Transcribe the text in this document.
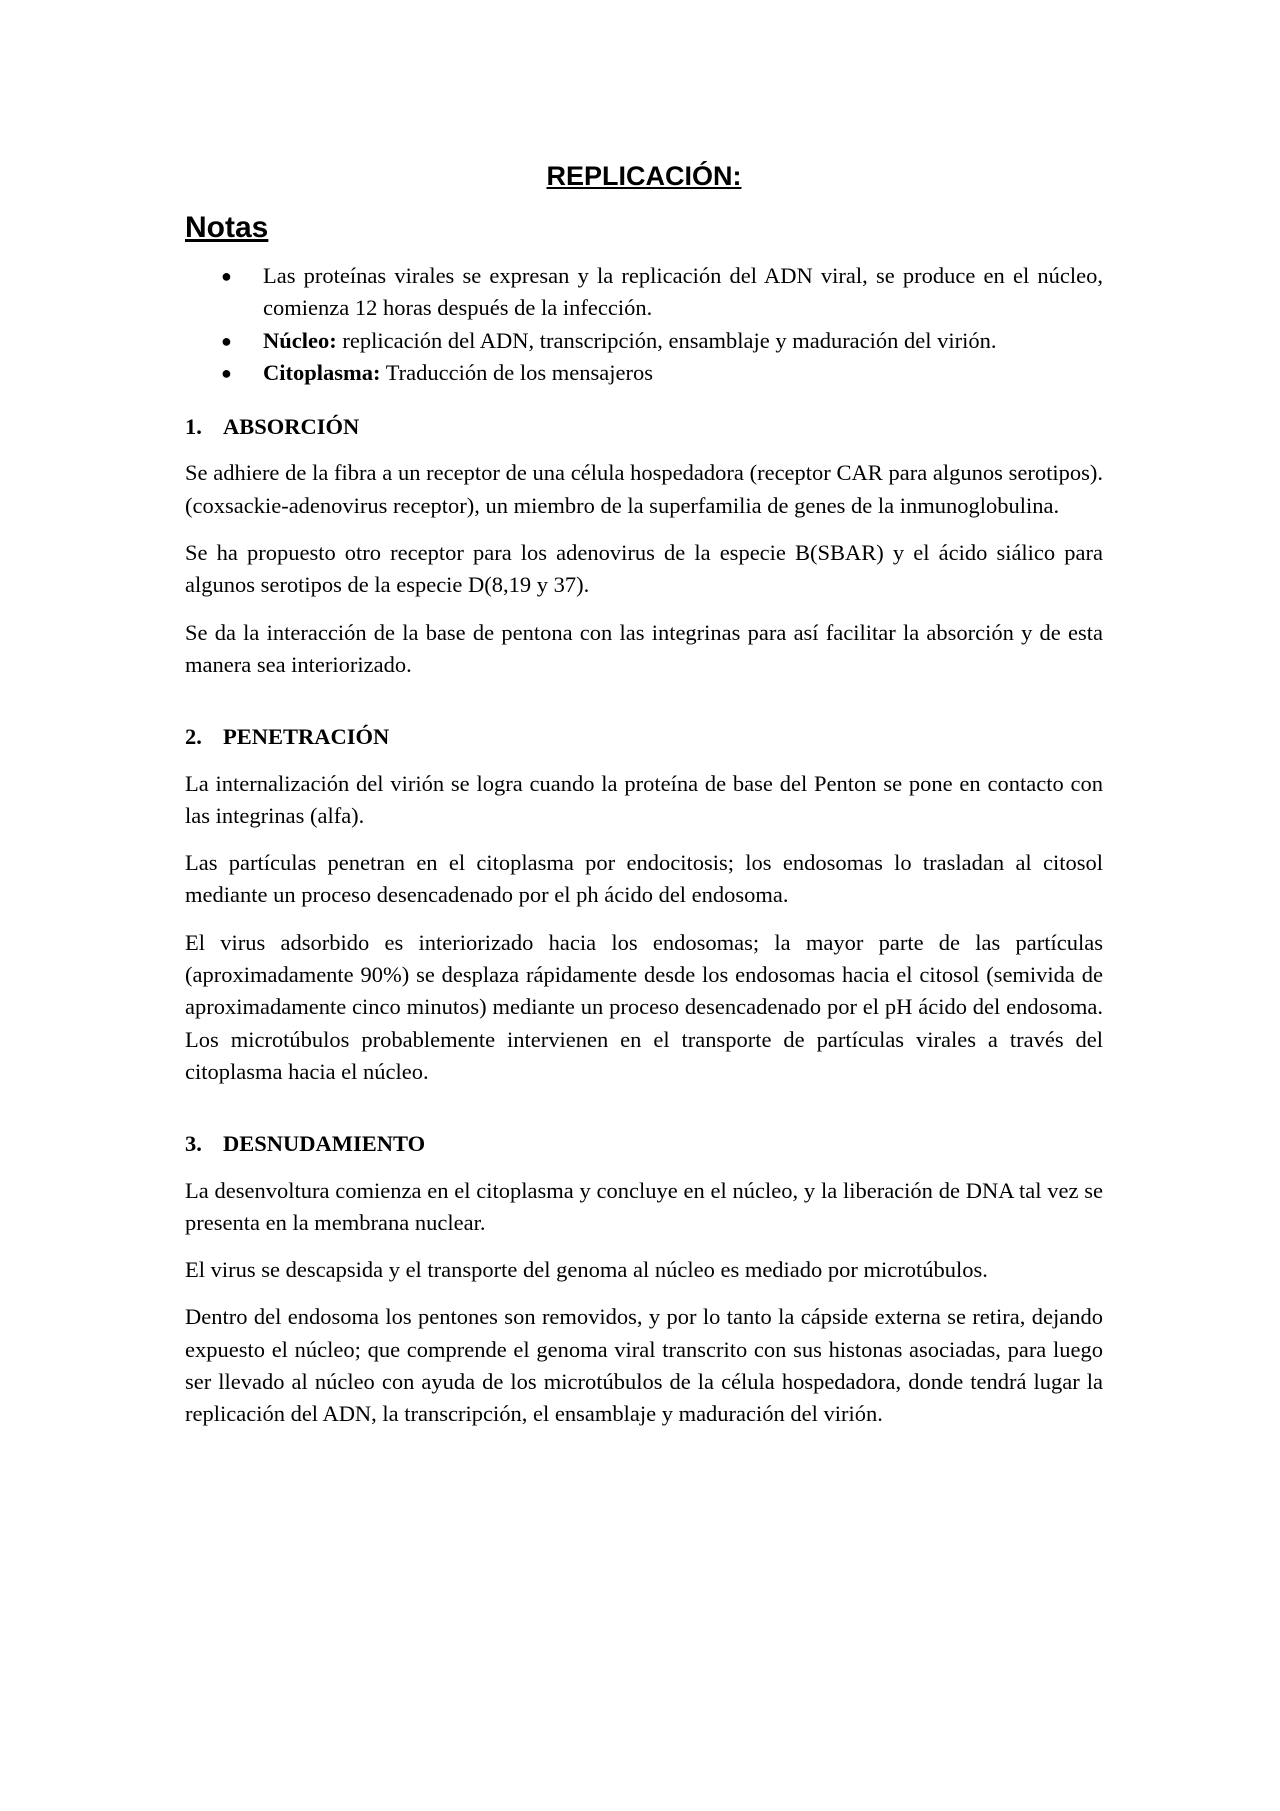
REPLICACIÓN:
Notas
● Las proteínas virales se expresan y la replicación del ADN viral, se produce en el núcleo, comienza 12 horas después de la infección.
● Núcleo: replicación del ADN, transcripción, ensamblaje y maduración del virión.
● Citoplasma: Traducción de los mensajeros
1. ABSORCIÓN

Se adhiere de la fibra a un receptor de una célula hospedadora (receptor CAR para algunos serotipos). (coxsackie-adenovirus receptor), un miembro de la superfamilia de genes de la inmunoglobulina.

Se ha propuesto otro receptor para los adenovirus de la especie B(SBAR) y el ácido siálico para algunos serotipos de la especie D(8,19 y 37).

Se da la interacción de la base de pentona con las integrinas para así facilitar la absorción y de esta manera sea interiorizado.

2. PENETRACIÓN

La internalización del virión se logra cuando la proteína de base del Penton se pone en contacto con las integrinas (alfa).

Las partículas penetran en el citoplasma por endocitosis; los endosomas lo trasladan al citosol mediante un proceso desencadenado por el ph ácido del endosoma.

El virus adsorbido es interiorizado hacia los endosomas; la mayor parte de las partículas (aproximadamente 90%) se desplaza rápidamente desde los endosomas hacia el citosol (semivida de aproximadamente cinco minutos) mediante un proceso desencadenado por el pH ácido del endosoma. Los microtúbulos probablemente intervienen en el transporte de partículas virales a través del citoplasma hacia el núcleo.

3. DESNUDAMIENTO

La desenvoltura comienza en el citoplasma y concluye en el núcleo, y la liberación de DNA tal vez se presenta en la membrana nuclear.

El virus se descapsida y el transporte del genoma al núcleo es mediado por microtúbulos.

Dentro del endosoma los pentones son removidos, y por lo tanto la cápside externa se retira, dejando expuesto el núcleo; que comprende el genoma viral transcrito con sus histonas asociadas, para luego ser llevado al núcleo con ayuda de los microtúbulos de la célula hospedadora, donde tendrá lugar la replicación del ADN, la transcripción, el ensamblaje y maduración del virión.
